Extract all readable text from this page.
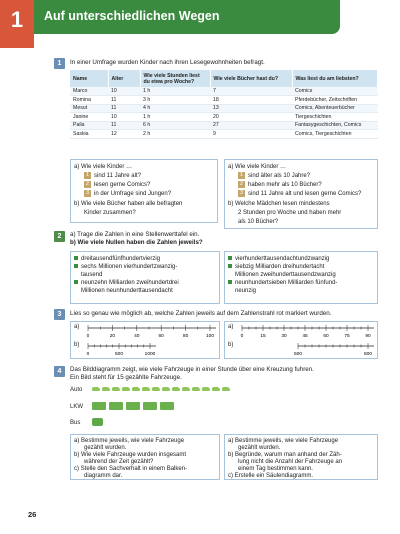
1	Auf unterschiedlichen Wegen
1	In einer Umfrage wurden Kinder nach ihren Lesegewohnheiten befragt.
Name	Alter	Wie viele Stunden liest du etwa pro Woche?	Wie viele Bücher hast du?	Was liest du am liebsten?
Marco	10	1 h	7	Comics
Romina	11	3 h	18	Pferdebücher, Zeitschriften
Mesut	11	4 h	13	Comics, Abenteuerbücher
Janine	10	1 h	20	Tiergeschichten
Paila	11	6 h	27	Fantasygeschichten, Comics
Saskia	12	2 h	9	Comics, Tiergeschichten
a) Wie viele Kinder …
1 sind 11 Jahre alt?
2 lesen gerne Comics?
3 in der Umfrage sind Jungen?
b) Wie viele Bücher haben alle befragten
Kinder zusammen?
a) Wie viele Kinder …
1 sind älter als 10 Jahre?
2 haben mehr als 10 Bücher?
3 sind 11 Jahre alt und lesen gerne Comics?
b) Welche Mädchen lesen mindestens
2 Stunden pro Woche und haben mehr
als 10 Bücher?
2	a) Trage die Zahlen in eine Stellenwerttafel ein.
b) Wie viele Nullen haben die Zahlen jeweils?
dreitausendfünfhundertvierzig
sechs Millionen vierhundertzwanzig-
tausend
neunzehn Milliarden zweihundertdrei
Millionen neunhunderttausendacht
vierhunderttausendachtundzwanzig
siebzig Milliarden dreihundertacht
Millionen zweihunderttausendzwanzig
neunhundertsieben Milliarden fünfund-
neunzig
3	Lies so genau wie möglich ab, welche Zahlen jeweils auf dem Zahlenstrahl rot markiert wurden.
a)
b)
a)
b)
0	20	40	60	80	100
0	500	1000
0	15	30	45	60	75	90
500	600
4	Das Bilddiagramm zeigt, wie viele Fahrzeuge in einer Stunde über eine Kreuzung fuhren.
Ein Bild steht für 15 gezählte Fahrzeuge.
Auto
LKW
Bus
a) Bestimme jeweils, wie viele Fahrzeuge
gezählt wurden.
b) Wie viele Fahrzeuge wurden insgesamt
während der Zeit gezählt?
c) Stelle den Sachverhalt in einem Balken-
diagramm dar.
a) Bestimme jeweils, wie viele Fahrzeuge
gezählt wurden.
b) Begründe, warum man anhand der Zäh-
lung nicht die Anzahl der Fahrzeuge an
einem Tag bestimmen kann.
c) Erstelle ein Säulendiagramm.
26
